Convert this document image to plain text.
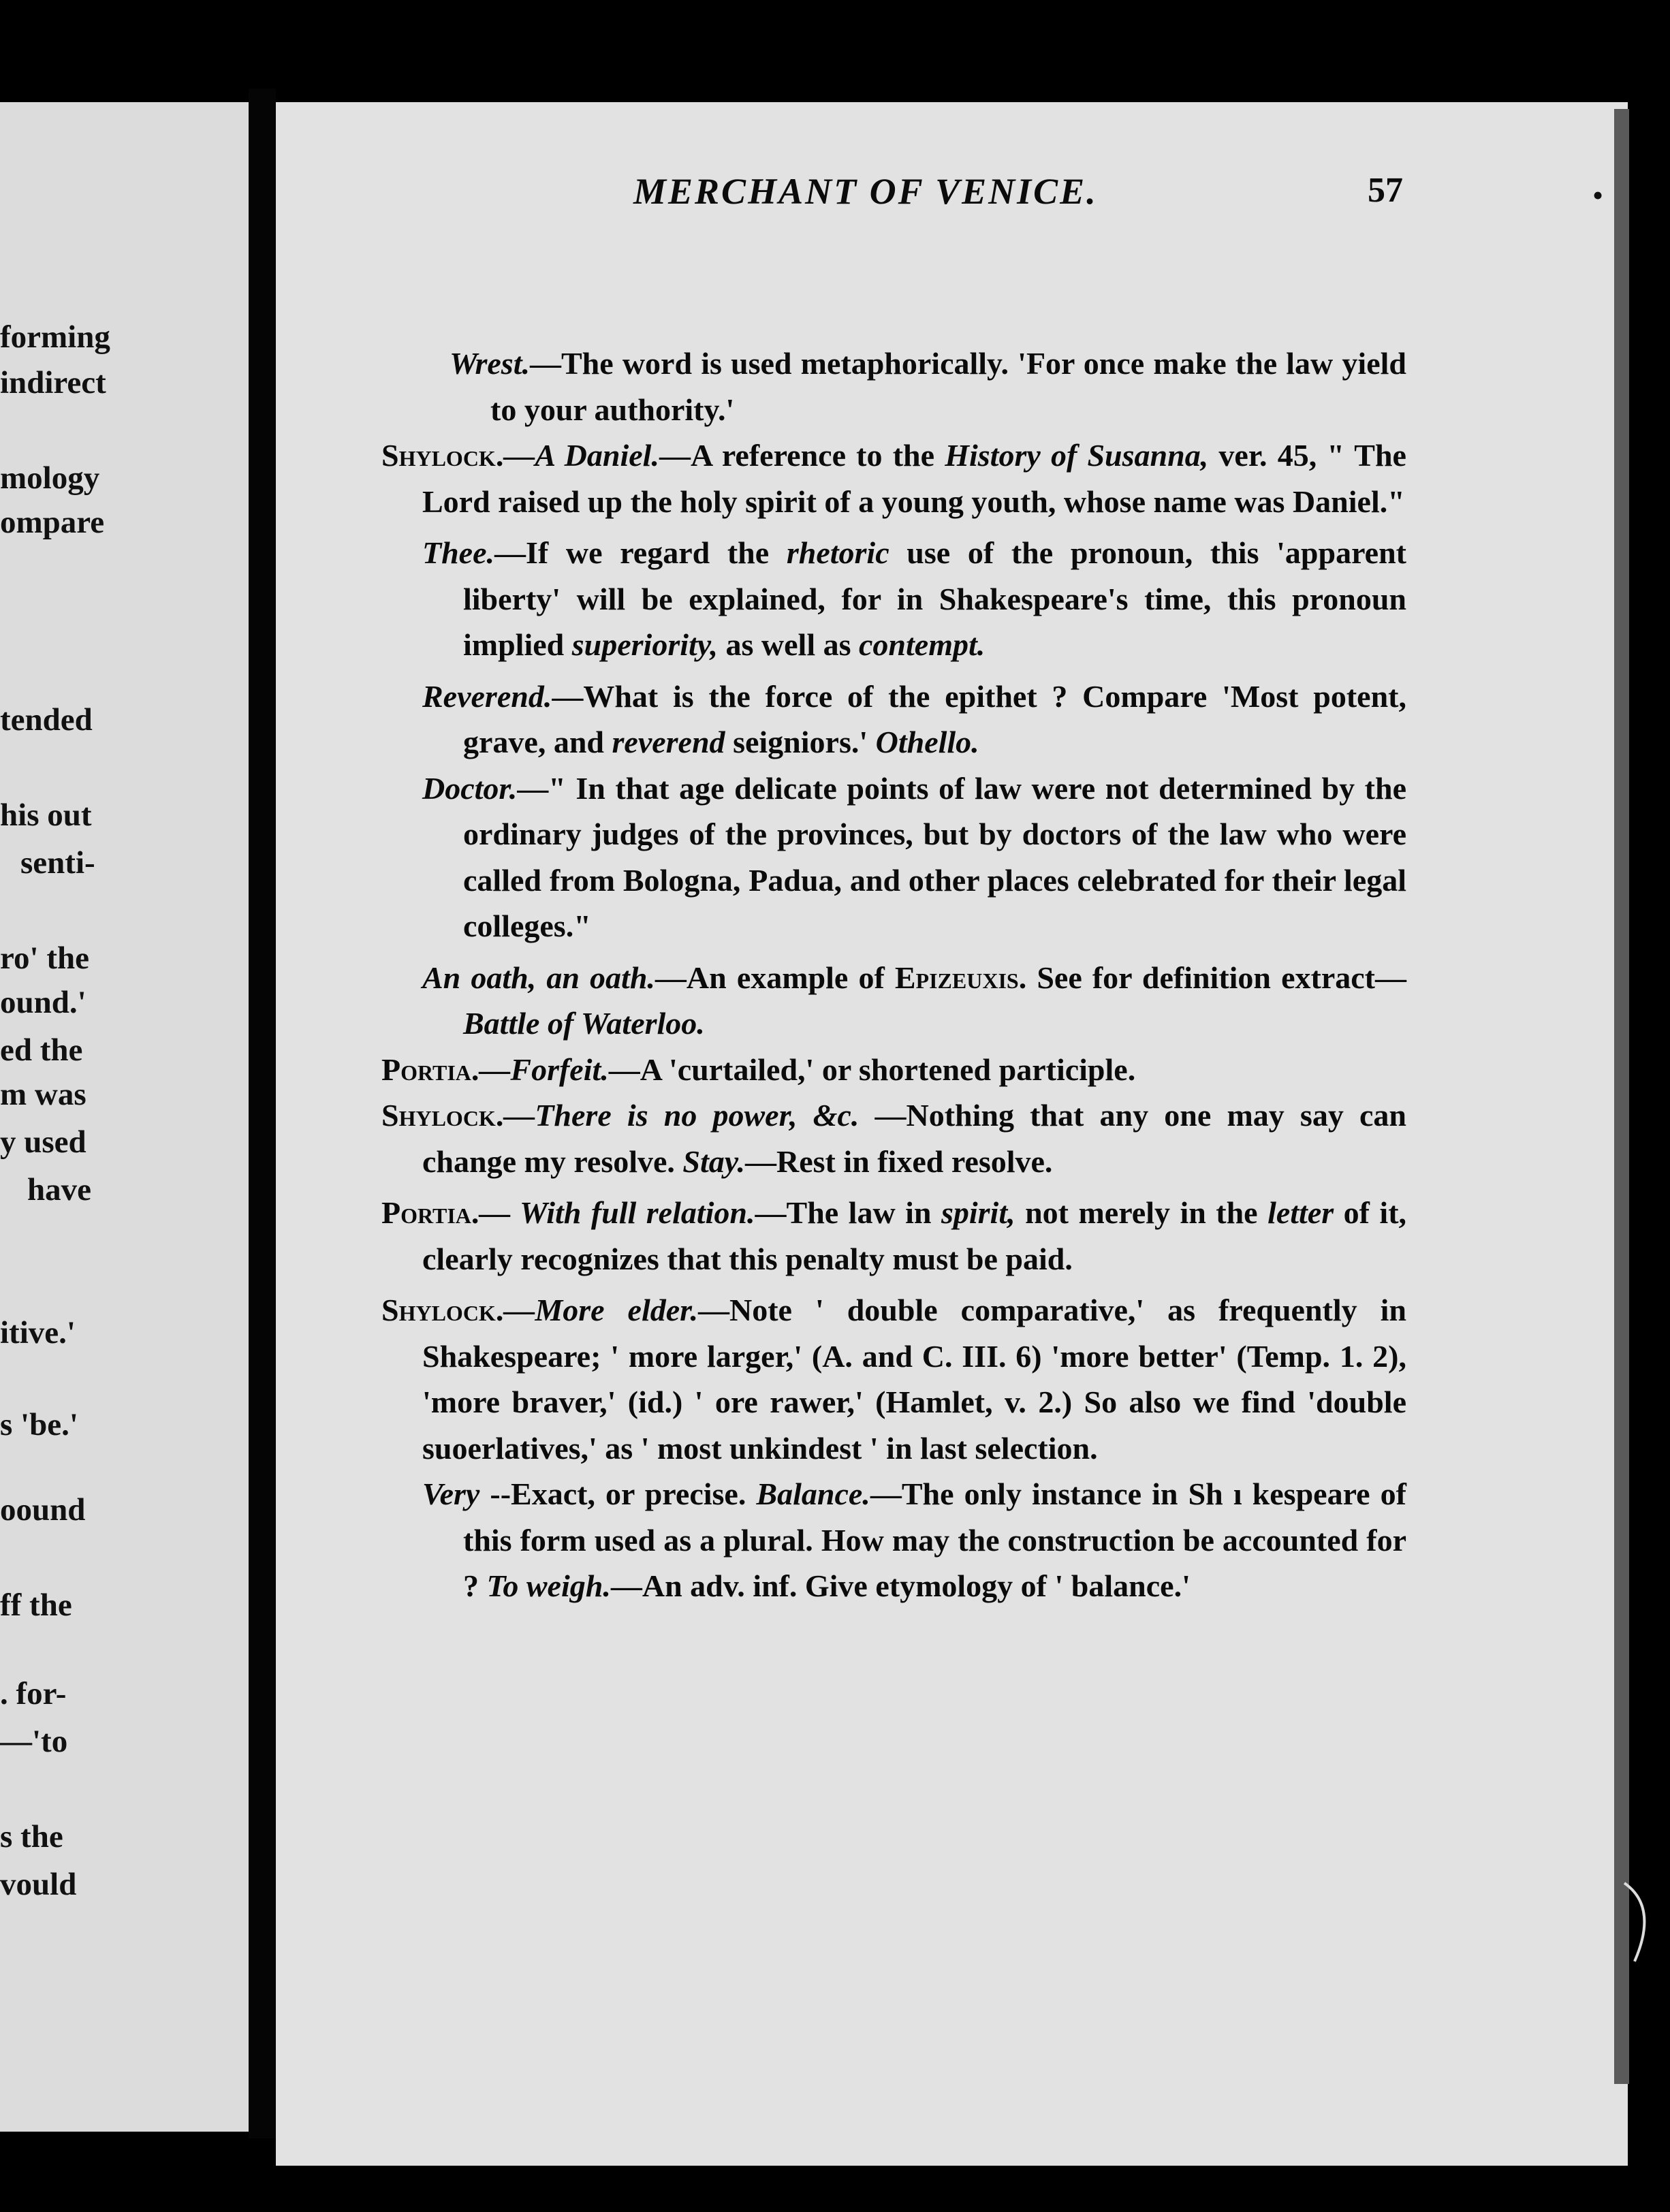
forming
indirect
mology
ompare
tended
his out
senti-
ro' the
ound.'
ed the
m was
y used
have
itive.'
s 'be.'
oound
ff the
. for-
—'to
s the
vould
MERCHANT OF VENICE.	57

Wrest.—The word is used metaphorically. 'For once make the law yield to your authority.'

Shylock.—A Daniel.—A reference to the History of Susanna, ver. 45, " The Lord raised up the holy spirit of a young youth, whose name was Daniel."

Thee.—If we regard the rhetoric use of the pronoun, this 'apparent liberty' will be explained, for in Shakespeare's time, this pronoun implied superiority, as well as contempt.

Reverend.—What is the force of the epithet ? Compare 'Most potent, grave, and reverend seigniors.' Othello.

Doctor.—" In that age delicate points of law were not determined by the ordinary judges of the provinces, but by doctors of the law who were called from Bologna, Padua, and other places celebrated for their legal colleges."

An oath, an oath.—An example of Epizeuxis. See for definition extract—Battle of Waterloo.

Portia.—Forfeit.—A 'curtailed,' or shortened participle.

Shylock.—There is no power, &c. —Nothing that any one may say can change my resolve. Stay.—Rest in fixed resolve.

Portia.— With full relation.—The law in spirit, not merely in the letter of it, clearly recognizes that this penalty must be paid.

Shylock.—More elder.—Note ' double comparative,' as frequently in Shakespeare; ' more larger,' (A. and C. III. 6) 'more better' (Temp. 1. 2), 'more braver,' (id.) ' ore rawer,' (Hamlet, v. 2.) So also we find 'double suoerlatives,' as ' most unkindest ' in last selection.

Very --Exact, or precise. Balance.—The only instance in Sh ı kespeare of this form used as a plural. How may the construction be accounted for ? To weigh.—An adv. inf. Give etymology of ' balance.'

•
